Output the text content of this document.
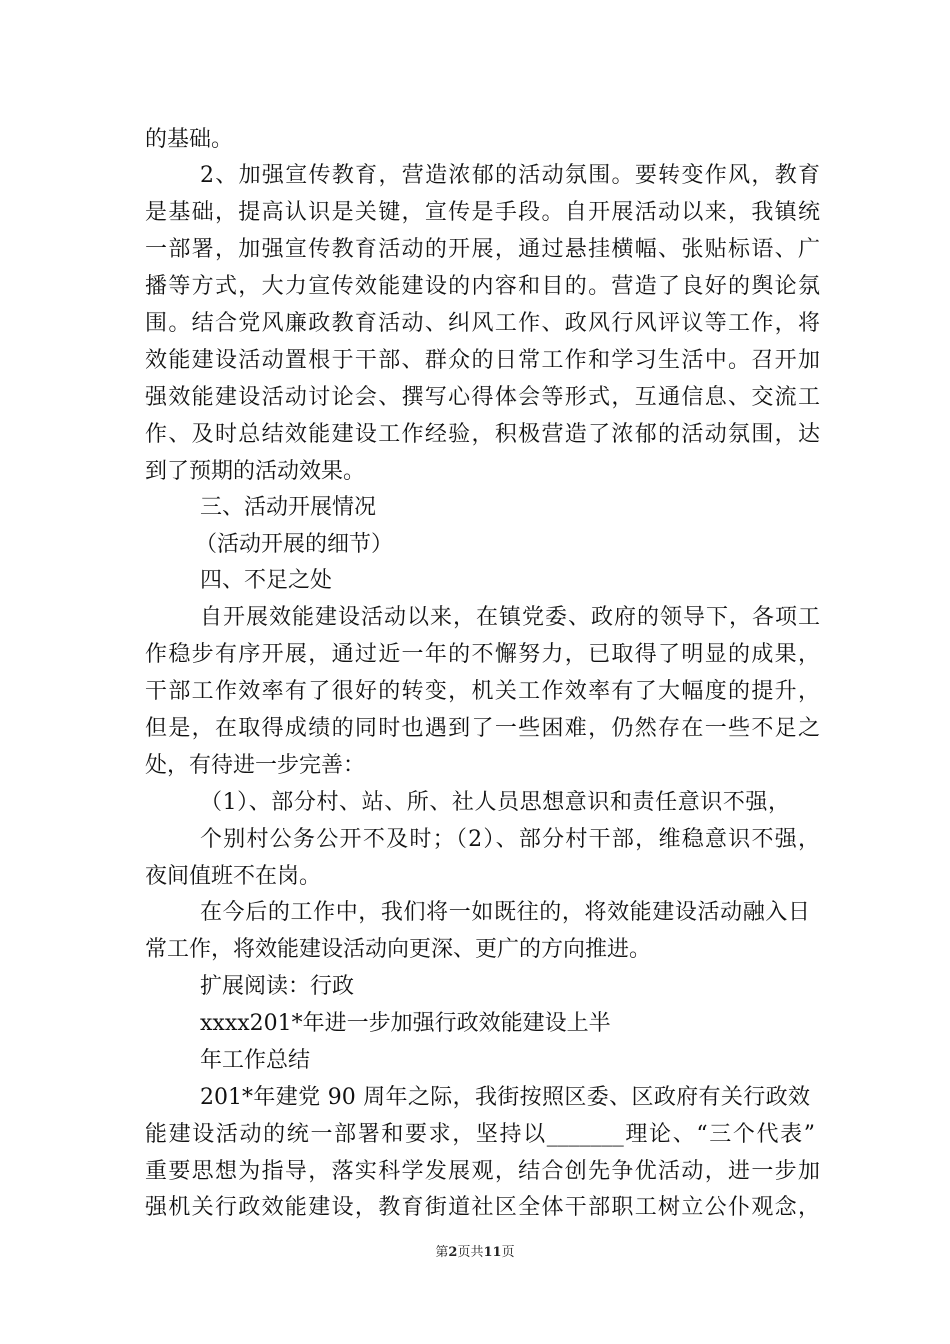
的基础。
2、加强宣传教育，营造浓郁的活动氛围。要转变作风，教育
是基础，提高认识是关键，宣传是手段。自开展活动以来，我镇统
一部署，加强宣传教育活动的开展，通过悬挂横幅、张贴标语、广
播等方式，大力宣传效能建设的内容和目的。营造了良好的舆论氛
围。结合党风廉政教育活动、纠风工作、政风行风评议等工作，将
效能建设活动置根于干部、群众的日常工作和学习生活中。召开加
强效能建设活动讨论会、撰写心得体会等形式，互通信息、交流工
作、及时总结效能建设工作经验，积极营造了浓郁的活动氛围，达
到了预期的活动效果。
三、活动开展情况
（活动开展的细节）
四、不足之处
自开展效能建设活动以来，在镇党委、政府的领导下，各项工
作稳步有序开展，通过近一年的不懈努力，已取得了明显的成果，
干部工作效率有了很好的转变，机关工作效率有了大幅度的提升，
但是，在取得成绩的同时也遇到了一些困难，仍然存在一些不足之
处，有待进一步完善：
（1）、部分村、站、所、社人员思想意识和责任意识不强，
个别村公务公开不及时；（2）、部分村干部，维稳意识不强，
夜间值班不在岗。
在今后的工作中，我们将一如既往的，将效能建设活动融入日
常工作，将效能建设活动向更深、更广的方向推进。
扩展阅读：行政
xxxx201*年进一步加强行政效能建设上半
年工作总结
201*年建党 90 周年之际，我街按照区委、区政府有关行政效
能建设活动的统一部署和要求，坚持以_______理论、“三个代表”
重要思想为指导，落实科学发展观，结合创先争优活动，进一步加
强机关行政效能建设，教育街道社区全体干部职工树立公仆观念，
第2页共11页
